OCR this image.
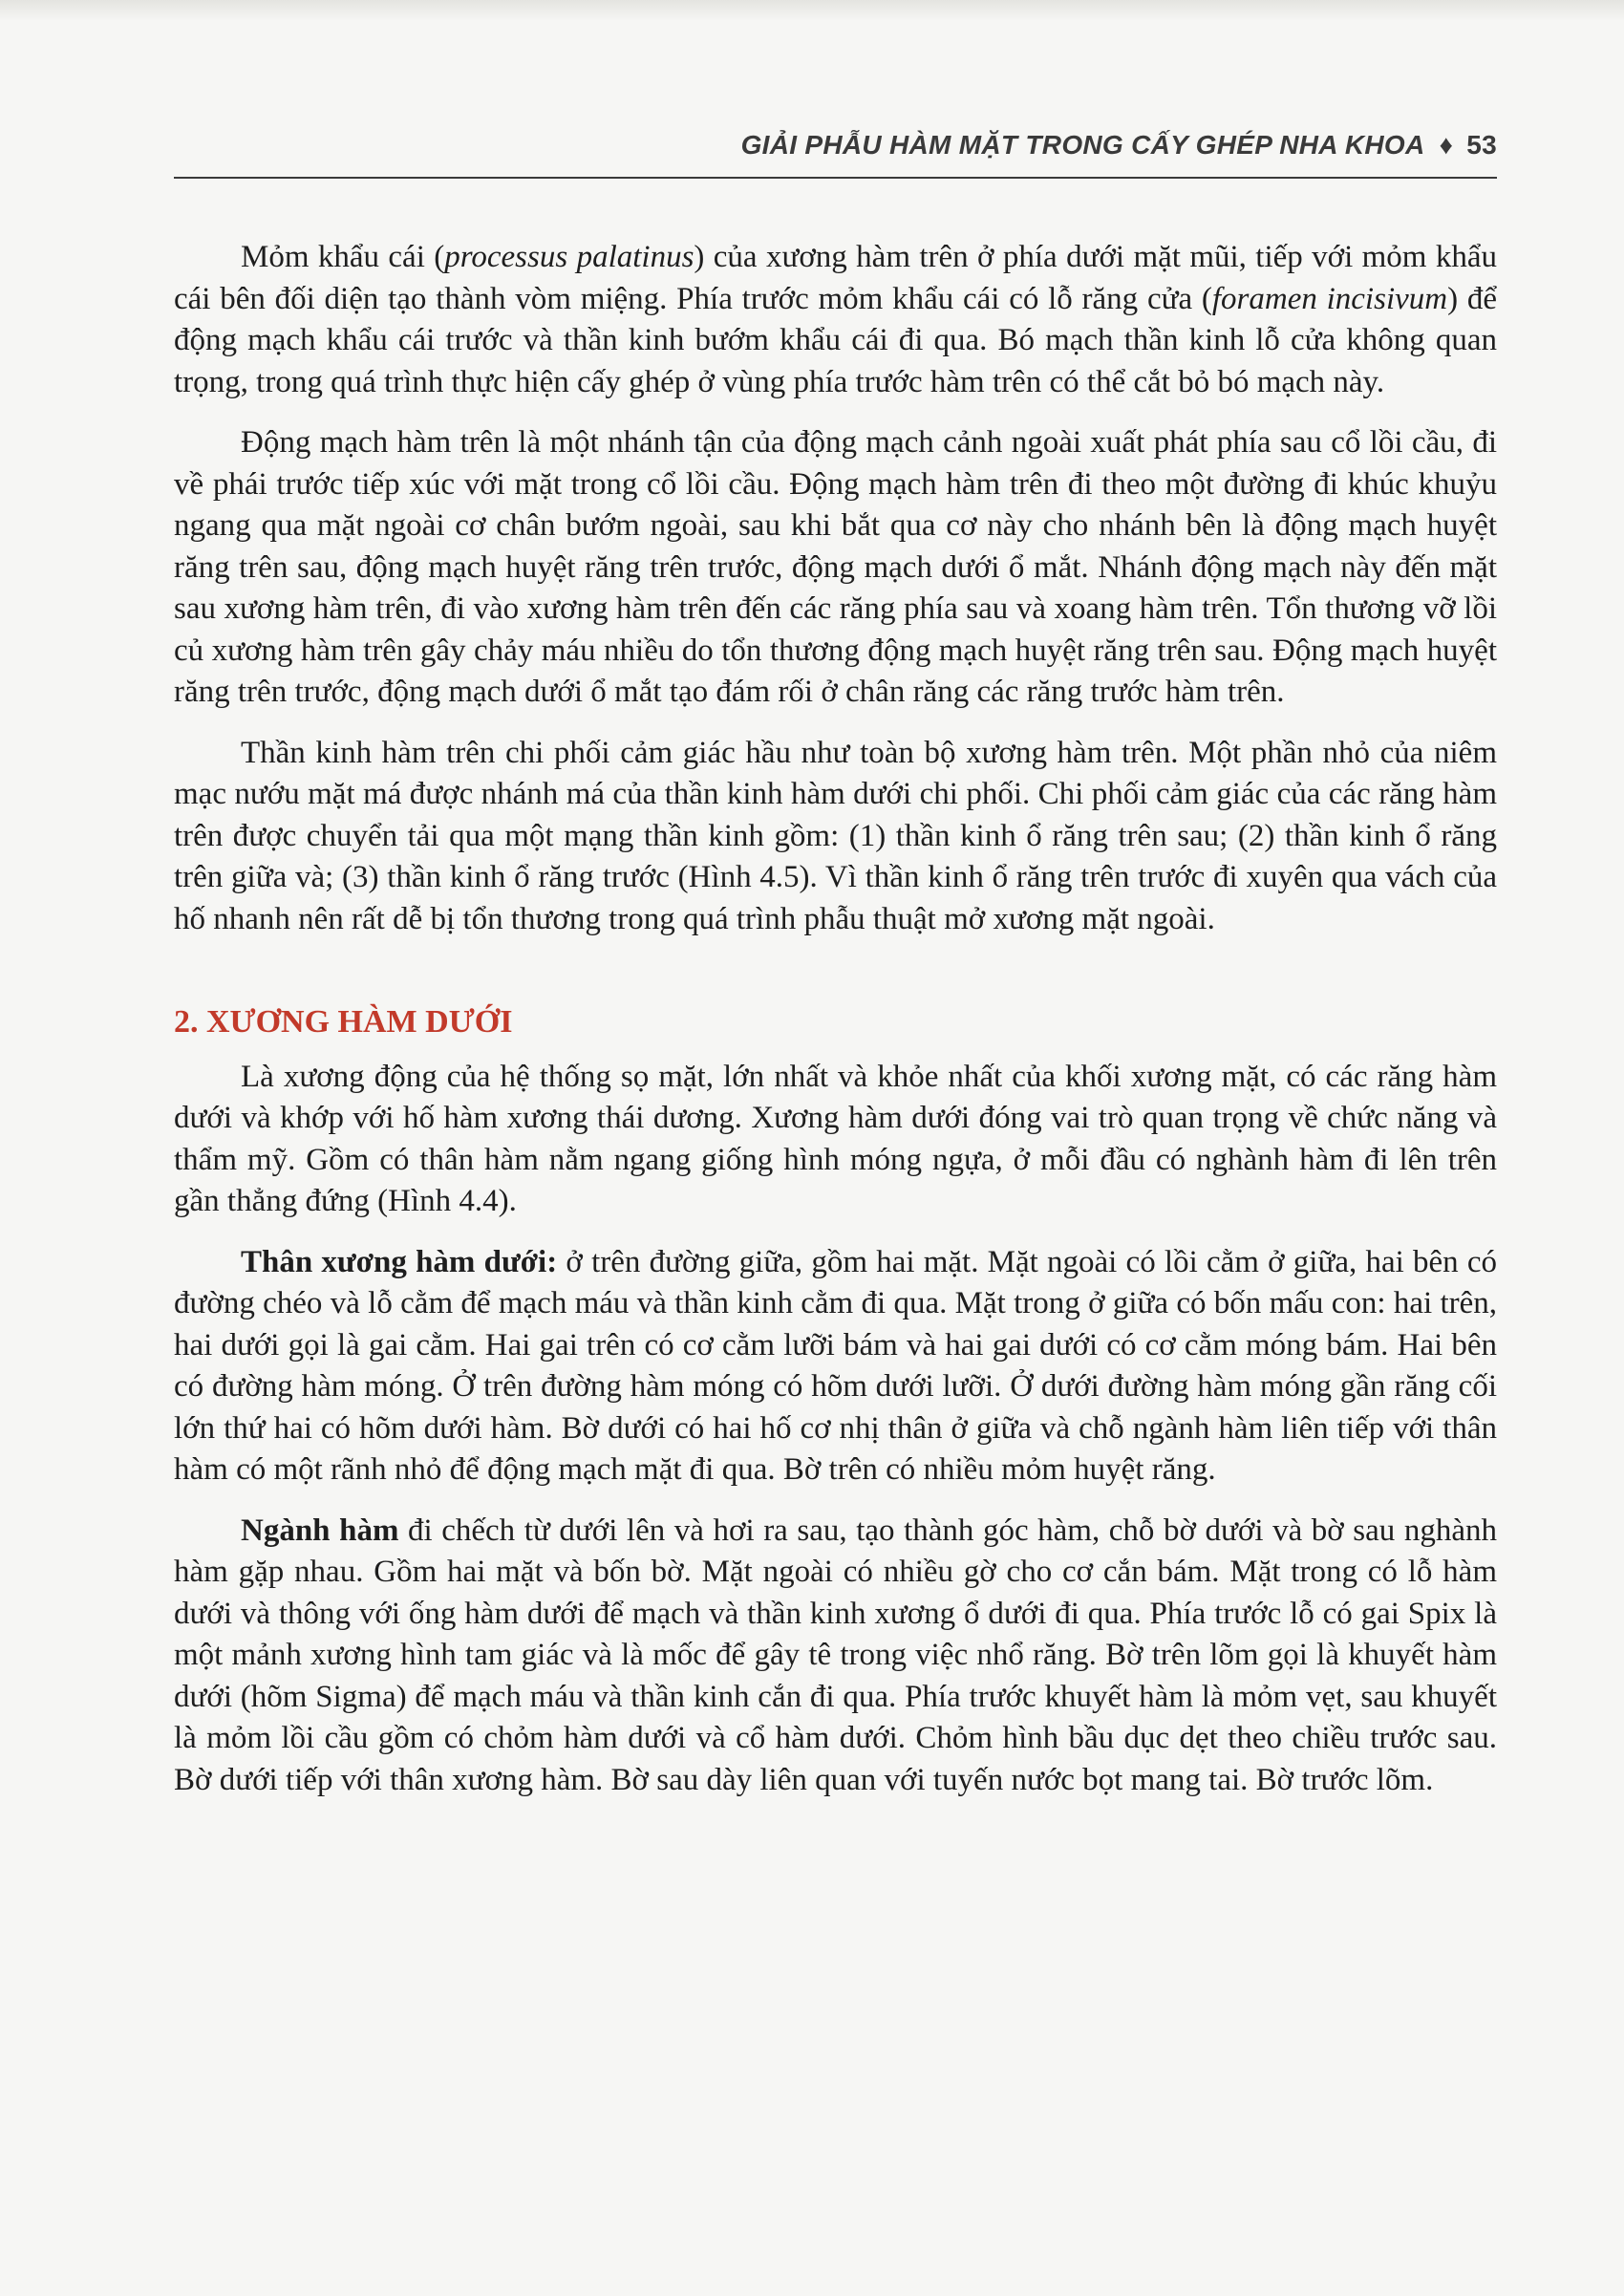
GIẢI PHẪU HÀM MẶT TRONG CẤY GHÉP NHA KHOA ♦ 53

Mỏm khẩu cái (processus palatinus) của xương hàm trên ở phía dưới mặt mũi, tiếp với mỏm khẩu cái bên đối diện tạo thành vòm miệng. Phía trước mỏm khẩu cái có lỗ răng cửa (foramen incisivum) để động mạch khẩu cái trước và thần kinh bướm khẩu cái đi qua. Bó mạch thần kinh lỗ cửa không quan trọng, trong quá trình thực hiện cấy ghép ở vùng phía trước hàm trên có thể cắt bỏ bó mạch này.

Động mạch hàm trên là một nhánh tận của động mạch cảnh ngoài xuất phát phía sau cổ lồi cầu, đi về phái trước tiếp xúc với mặt trong cổ lồi cầu. Động mạch hàm trên đi theo một đường đi khúc khuỷu ngang qua mặt ngoài cơ chân bướm ngoài, sau khi bắt qua cơ này cho nhánh bên là động mạch huyệt răng trên sau, động mạch huyệt răng trên trước, động mạch dưới ổ mắt. Nhánh động mạch này đến mặt sau xương hàm trên, đi vào xương hàm trên đến các răng phía sau và xoang hàm trên. Tổn thương vỡ lồi củ xương hàm trên gây chảy máu nhiều do tổn thương động mạch huyệt răng trên sau. Động mạch huyệt răng trên trước, động mạch dưới ổ mắt tạo đám rối ở chân răng các răng trước hàm trên.

Thần kinh hàm trên chi phối cảm giác hầu như toàn bộ xương hàm trên. Một phần nhỏ của niêm mạc nướu mặt má được nhánh má của thần kinh hàm dưới chi phối. Chi phối cảm giác của các răng hàm trên được chuyển tải qua một mạng thần kinh gồm: (1) thần kinh ổ răng trên sau; (2) thần kinh ổ răng trên giữa và; (3) thần kinh ổ răng trước (Hình 4.5). Vì thần kinh ổ răng trên trước đi xuyên qua vách của hố nhanh nên rất dễ bị tổn thương trong quá trình phẫu thuật mở xương mặt ngoài.

2. XƯƠNG HÀM DƯỚI

Là xương động của hệ thống sọ mặt, lớn nhất và khỏe nhất của khối xương mặt, có các răng hàm dưới và khớp với hố hàm xương thái dương. Xương hàm dưới đóng vai trò quan trọng về chức năng và thẩm mỹ. Gồm có thân hàm nằm ngang giống hình móng ngựa, ở mỗi đầu có nghành hàm đi lên trên gần thẳng đứng (Hình 4.4).

Thân xương hàm dưới: ở trên đường giữa, gồm hai mặt. Mặt ngoài có lồi cằm ở giữa, hai bên có đường chéo và lỗ cằm để mạch máu và thần kinh cằm đi qua. Mặt trong ở giữa có bốn mấu con: hai trên, hai dưới gọi là gai cằm. Hai gai trên có cơ cằm lưỡi bám và hai gai dưới có cơ cằm móng bám. Hai bên có đường hàm móng. Ở trên đường hàm móng có hõm dưới lưỡi. Ở dưới đường hàm móng gần răng cối lớn thứ hai có hõm dưới hàm. Bờ dưới có hai hố cơ nhị thân ở giữa và chỗ ngành hàm liên tiếp với thân hàm có một rãnh nhỏ để động mạch mặt đi qua. Bờ trên có nhiều mỏm huyệt răng.

Ngành hàm đi chếch từ dưới lên và hơi ra sau, tạo thành góc hàm, chỗ bờ dưới và bờ sau nghành hàm gặp nhau. Gồm hai mặt và bốn bờ. Mặt ngoài có nhiều gờ cho cơ cắn bám. Mặt trong có lỗ hàm dưới và thông với ống hàm dưới để mạch và thần kinh xương ổ dưới đi qua. Phía trước lỗ có gai Spix là một mảnh xương hình tam giác và là mốc để gây tê trong việc nhổ răng. Bờ trên lõm gọi là khuyết hàm dưới (hõm Sigma) để mạch máu và thần kinh cắn đi qua. Phía trước khuyết hàm là mỏm vẹt, sau khuyết là mỏm lồi cầu gồm có chỏm hàm dưới và cổ hàm dưới. Chỏm hình bầu dục dẹt theo chiều trước sau. Bờ dưới tiếp với thân xương hàm. Bờ sau dày liên quan với tuyến nước bọt mang tai. Bờ trước lõm.
